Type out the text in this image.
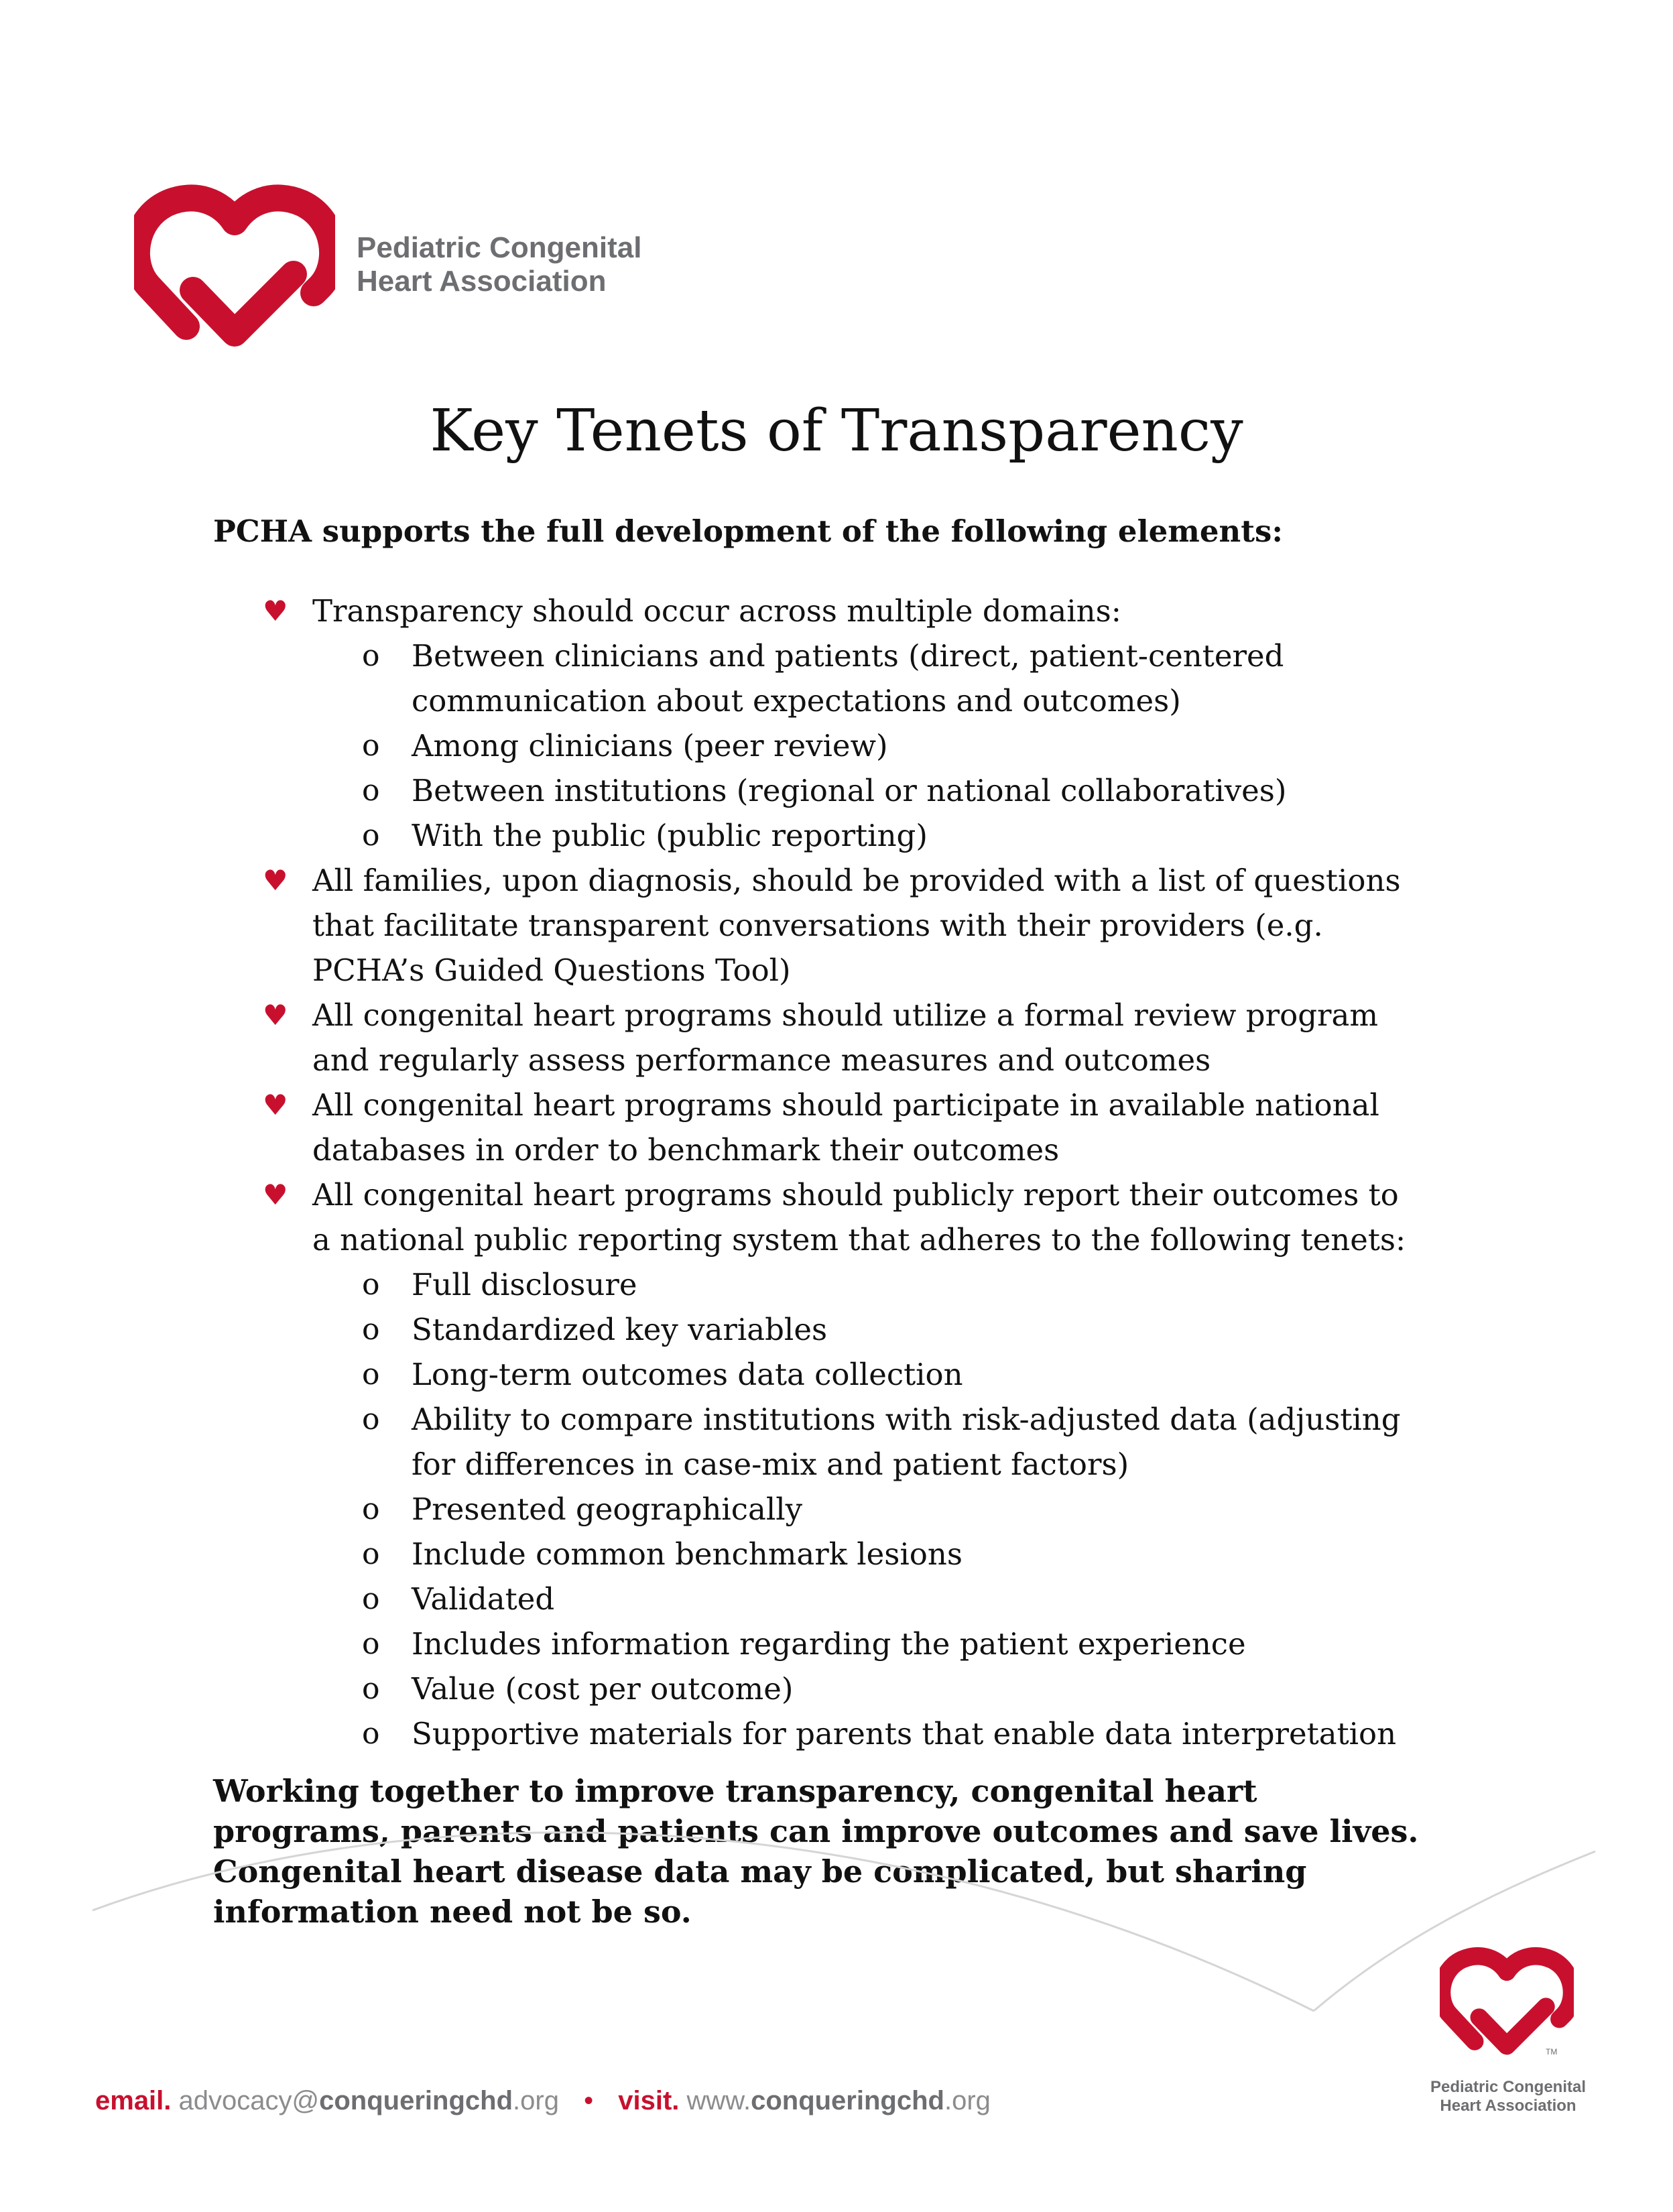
Pediatric Congenital
Heart Association
Key Tenets of Transparency
PCHA supports the full development of the following elements:
♥ Transparency should occur across multiple domains:
o Between clinicians and patients (direct, patient-centered communication about expectations and outcomes)
o Among clinicians (peer review)
o Between institutions (regional or national collaboratives)
o With the public (public reporting)
♥ All families, upon diagnosis, should be provided with a list of questions that facilitate transparent conversations with their providers (e.g. PCHA’s Guided Questions Tool)
♥ All congenital heart programs should utilize a formal review program and regularly assess performance measures and outcomes
♥ All congenital heart programs should participate in available national databases in order to benchmark their outcomes
♥ All congenital heart programs should publicly report their outcomes to a national public reporting system that adheres to the following tenets:
o Full disclosure
o Standardized key variables
o Long-term outcomes data collection
o Ability to compare institutions with risk-adjusted data (adjusting for differences in case-mix and patient factors)
o Presented geographically
o Include common benchmark lesions
o Validated
o Includes information regarding the patient experience
o Value (cost per outcome)
o Supportive materials for parents that enable data interpretation
Working together to improve transparency, congenital heart programs, parents and patients can improve outcomes and save lives. Congenital heart disease data may be complicated, but sharing information need not be so.
email. advocacy@conqueringchd.org • visit. www.conqueringchd.org
TM
Pediatric Congenital
Heart Association
